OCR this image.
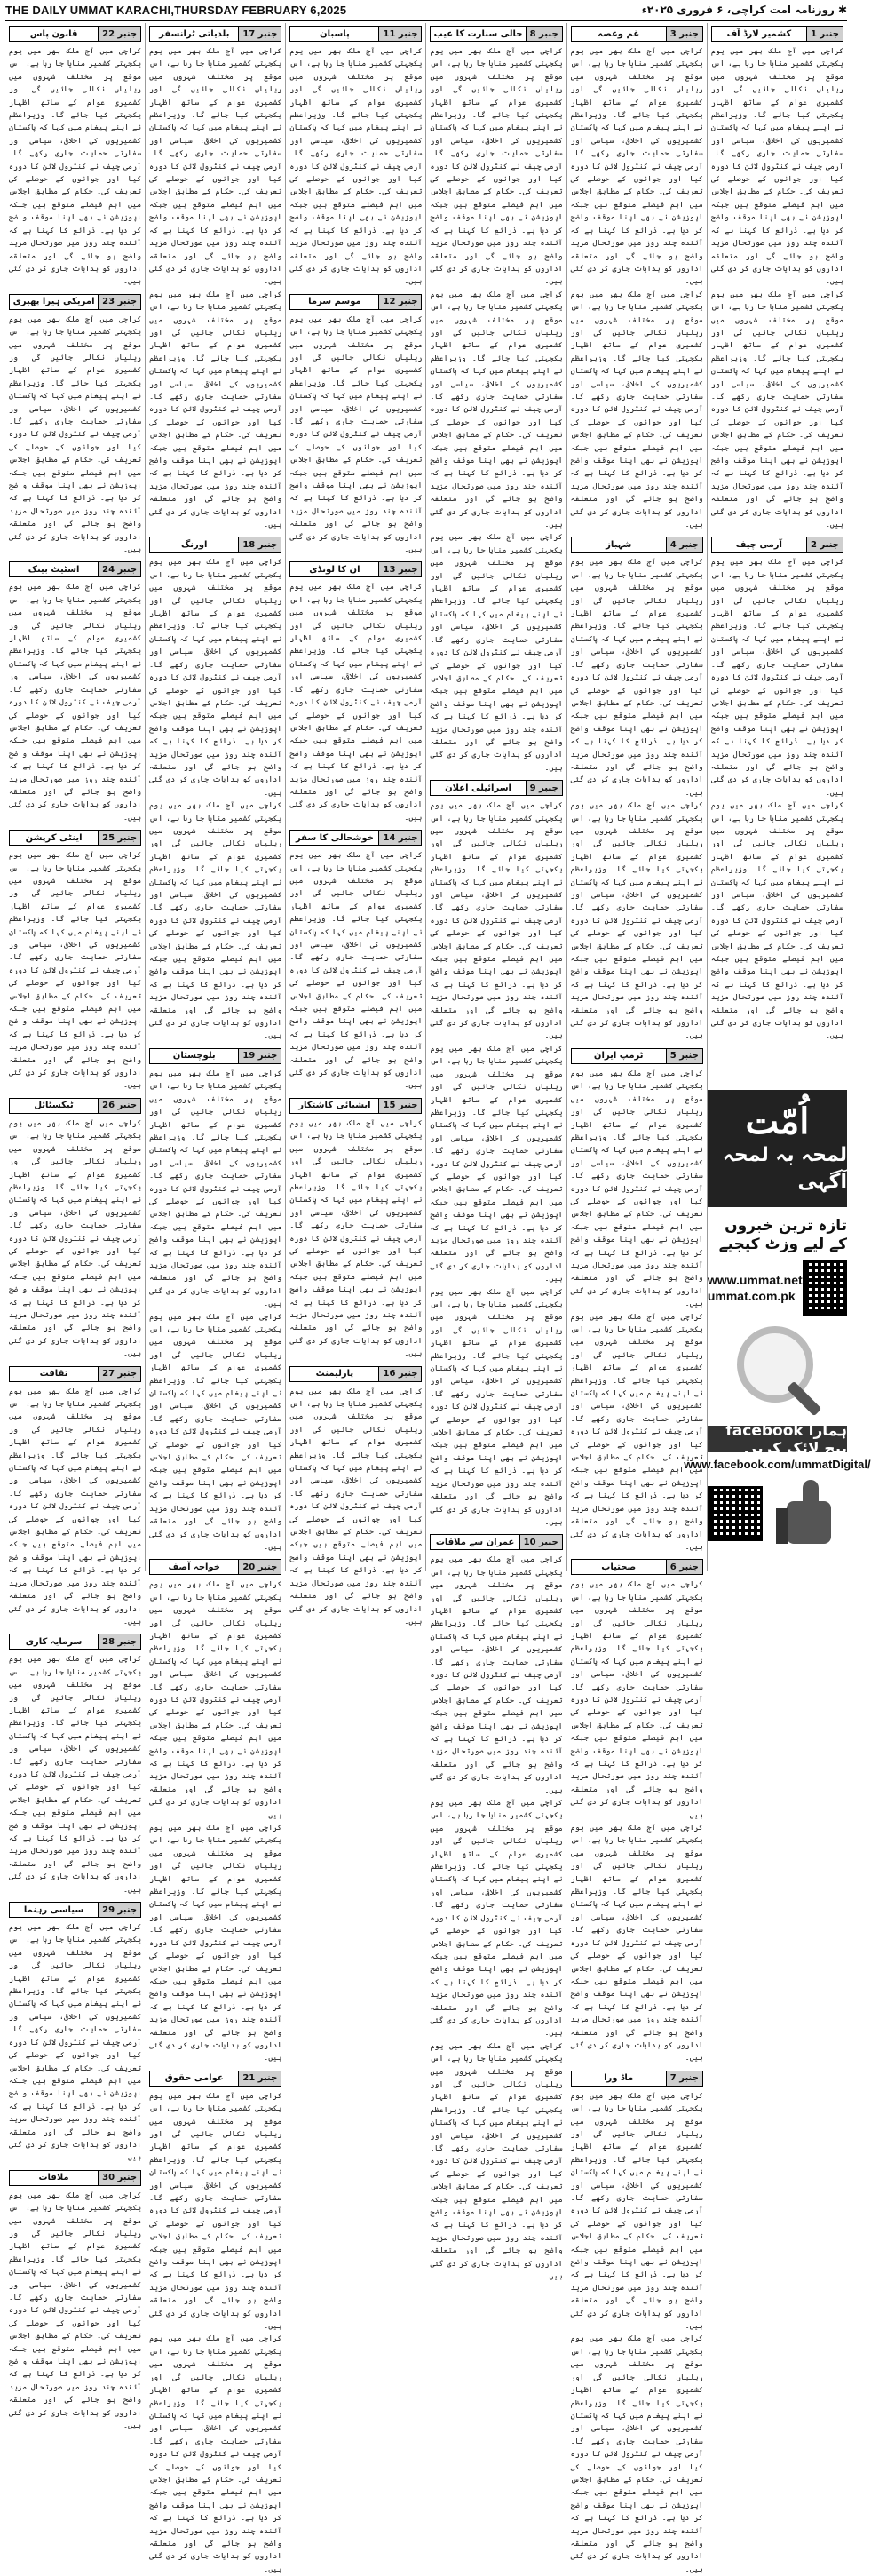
THE DAILY UMMAT KARACHI,THURSDAY FEBRUARY 6,2025	✱
روزنامہ امت کراچی، ۶ فروری ۲۰۲۵ء
جنبر 1
کشمیر لارڈ آف
کراچی میں آج ملک بھر میں یوم یکجہتی کشمیر منایا جا رہا ہے، اس موقع پر مختلف شہروں میں ریلیاں نکالی جائیں گی اور کشمیری عوام کے ساتھ اظہار یکجہتی کیا جائے گا۔ وزیراعظم نے اپنے پیغام میں کہا کہ پاکستان کشمیریوں کی اخلاقی، سیاسی اور سفارتی حمایت جاری رکھے گا۔ آرمی چیف نے کنٹرول لائن کا دورہ کیا اور جوانوں کے حوصلے کی تعریف کی۔ حکام کے مطابق اجلاس میں اہم فیصلے متوقع ہیں جبکہ اپوزیشن نے بھی اپنا موقف واضح کر دیا ہے۔ ذرائع کا کہنا ہے کہ آئندہ چند روز میں صورتحال مزید واضح ہو جائے گی اور متعلقہ اداروں کو ہدایات جاری کر دی گئی ہیں۔
کراچی میں آج ملک بھر میں یوم یکجہتی کشمیر منایا جا رہا ہے، اس موقع پر مختلف شہروں میں ریلیاں نکالی جائیں گی اور کشمیری عوام کے ساتھ اظہار یکجہتی کیا جائے گا۔ وزیراعظم نے اپنے پیغام میں کہا کہ پاکستان کشمیریوں کی اخلاقی، سیاسی اور سفارتی حمایت جاری رکھے گا۔ آرمی چیف نے کنٹرول لائن کا دورہ کیا اور جوانوں کے حوصلے کی تعریف کی۔ حکام کے مطابق اجلاس میں اہم فیصلے متوقع ہیں جبکہ اپوزیشن نے بھی اپنا موقف واضح کر دیا ہے۔ ذرائع کا کہنا ہے کہ آئندہ چند روز میں صورتحال مزید واضح ہو جائے گی اور متعلقہ اداروں کو ہدایات جاری کر دی گئی ہیں۔
جنبر 2
آرمی چیف
کراچی میں آج ملک بھر میں یوم یکجہتی کشمیر منایا جا رہا ہے، اس موقع پر مختلف شہروں میں ریلیاں نکالی جائیں گی اور کشمیری عوام کے ساتھ اظہار یکجہتی کیا جائے گا۔ وزیراعظم نے اپنے پیغام میں کہا کہ پاکستان کشمیریوں کی اخلاقی، سیاسی اور سفارتی حمایت جاری رکھے گا۔ آرمی چیف نے کنٹرول لائن کا دورہ کیا اور جوانوں کے حوصلے کی تعریف کی۔ حکام کے مطابق اجلاس میں اہم فیصلے متوقع ہیں جبکہ اپوزیشن نے بھی اپنا موقف واضح کر دیا ہے۔ ذرائع کا کہنا ہے کہ آئندہ چند روز میں صورتحال مزید واضح ہو جائے گی اور متعلقہ اداروں کو ہدایات جاری کر دی گئی ہیں۔
کراچی میں آج ملک بھر میں یوم یکجہتی کشمیر منایا جا رہا ہے، اس موقع پر مختلف شہروں میں ریلیاں نکالی جائیں گی اور کشمیری عوام کے ساتھ اظہار یکجہتی کیا جائے گا۔ وزیراعظم نے اپنے پیغام میں کہا کہ پاکستان کشمیریوں کی اخلاقی، سیاسی اور سفارتی حمایت جاری رکھے گا۔ آرمی چیف نے کنٹرول لائن کا دورہ کیا اور جوانوں کے حوصلے کی تعریف کی۔ حکام کے مطابق اجلاس میں اہم فیصلے متوقع ہیں جبکہ اپوزیشن نے بھی اپنا موقف واضح کر دیا ہے۔ ذرائع کا کہنا ہے کہ آئندہ چند روز میں صورتحال مزید واضح ہو جائے گی اور متعلقہ اداروں کو ہدایات جاری کر دی گئی ہیں۔
اُمّت
لمحہ بہ لمحہ آگہی
تازہ ترین خبروں کے لیے وزٹ کیجیے
www.ummat.net
ummat.com.pk
ہمارا facebook پیج لائک کریں
www.facebook.com/ummatDigital/
جنبر 3
غم وغصہ
کراچی میں آج ملک بھر میں یوم یکجہتی کشمیر منایا جا رہا ہے، اس موقع پر مختلف شہروں میں ریلیاں نکالی جائیں گی اور کشمیری عوام کے ساتھ اظہار یکجہتی کیا جائے گا۔ وزیراعظم نے اپنے پیغام میں کہا کہ پاکستان کشمیریوں کی اخلاقی، سیاسی اور سفارتی حمایت جاری رکھے گا۔ آرمی چیف نے کنٹرول لائن کا دورہ کیا اور جوانوں کے حوصلے کی تعریف کی۔ حکام کے مطابق اجلاس میں اہم فیصلے متوقع ہیں جبکہ اپوزیشن نے بھی اپنا موقف واضح کر دیا ہے۔ ذرائع کا کہنا ہے کہ آئندہ چند روز میں صورتحال مزید واضح ہو جائے گی اور متعلقہ اداروں کو ہدایات جاری کر دی گئی ہیں۔
کراچی میں آج ملک بھر میں یوم یکجہتی کشمیر منایا جا رہا ہے، اس موقع پر مختلف شہروں میں ریلیاں نکالی جائیں گی اور کشمیری عوام کے ساتھ اظہار یکجہتی کیا جائے گا۔ وزیراعظم نے اپنے پیغام میں کہا کہ پاکستان کشمیریوں کی اخلاقی، سیاسی اور سفارتی حمایت جاری رکھے گا۔ آرمی چیف نے کنٹرول لائن کا دورہ کیا اور جوانوں کے حوصلے کی تعریف کی۔ حکام کے مطابق اجلاس میں اہم فیصلے متوقع ہیں جبکہ اپوزیشن نے بھی اپنا موقف واضح کر دیا ہے۔ ذرائع کا کہنا ہے کہ آئندہ چند روز میں صورتحال مزید واضح ہو جائے گی اور متعلقہ اداروں کو ہدایات جاری کر دی گئی ہیں۔
جنبر 4
شہباز
کراچی میں آج ملک بھر میں یوم یکجہتی کشمیر منایا جا رہا ہے، اس موقع پر مختلف شہروں میں ریلیاں نکالی جائیں گی اور کشمیری عوام کے ساتھ اظہار یکجہتی کیا جائے گا۔ وزیراعظم نے اپنے پیغام میں کہا کہ پاکستان کشمیریوں کی اخلاقی، سیاسی اور سفارتی حمایت جاری رکھے گا۔ آرمی چیف نے کنٹرول لائن کا دورہ کیا اور جوانوں کے حوصلے کی تعریف کی۔ حکام کے مطابق اجلاس میں اہم فیصلے متوقع ہیں جبکہ اپوزیشن نے بھی اپنا موقف واضح کر دیا ہے۔ ذرائع کا کہنا ہے کہ آئندہ چند روز میں صورتحال مزید واضح ہو جائے گی اور متعلقہ اداروں کو ہدایات جاری کر دی گئی ہیں۔
کراچی میں آج ملک بھر میں یوم یکجہتی کشمیر منایا جا رہا ہے، اس موقع پر مختلف شہروں میں ریلیاں نکالی جائیں گی اور کشمیری عوام کے ساتھ اظہار یکجہتی کیا جائے گا۔ وزیراعظم نے اپنے پیغام میں کہا کہ پاکستان کشمیریوں کی اخلاقی، سیاسی اور سفارتی حمایت جاری رکھے گا۔ آرمی چیف نے کنٹرول لائن کا دورہ کیا اور جوانوں کے حوصلے کی تعریف کی۔ حکام کے مطابق اجلاس میں اہم فیصلے متوقع ہیں جبکہ اپوزیشن نے بھی اپنا موقف واضح کر دیا ہے۔ ذرائع کا کہنا ہے کہ آئندہ چند روز میں صورتحال مزید واضح ہو جائے گی اور متعلقہ اداروں کو ہدایات جاری کر دی گئی ہیں۔
جنبر 5
ٹرمپ ایران
کراچی میں آج ملک بھر میں یوم یکجہتی کشمیر منایا جا رہا ہے، اس موقع پر مختلف شہروں میں ریلیاں نکالی جائیں گی اور کشمیری عوام کے ساتھ اظہار یکجہتی کیا جائے گا۔ وزیراعظم نے اپنے پیغام میں کہا کہ پاکستان کشمیریوں کی اخلاقی، سیاسی اور سفارتی حمایت جاری رکھے گا۔ آرمی چیف نے کنٹرول لائن کا دورہ کیا اور جوانوں کے حوصلے کی تعریف کی۔ حکام کے مطابق اجلاس میں اہم فیصلے متوقع ہیں جبکہ اپوزیشن نے بھی اپنا موقف واضح کر دیا ہے۔ ذرائع کا کہنا ہے کہ آئندہ چند روز میں صورتحال مزید واضح ہو جائے گی اور متعلقہ اداروں کو ہدایات جاری کر دی گئی ہیں۔
کراچی میں آج ملک بھر میں یوم یکجہتی کشمیر منایا جا رہا ہے، اس موقع پر مختلف شہروں میں ریلیاں نکالی جائیں گی اور کشمیری عوام کے ساتھ اظہار یکجہتی کیا جائے گا۔ وزیراعظم نے اپنے پیغام میں کہا کہ پاکستان کشمیریوں کی اخلاقی، سیاسی اور سفارتی حمایت جاری رکھے گا۔ آرمی چیف نے کنٹرول لائن کا دورہ کیا اور جوانوں کے حوصلے کی تعریف کی۔ حکام کے مطابق اجلاس میں اہم فیصلے متوقع ہیں جبکہ اپوزیشن نے بھی اپنا موقف واضح کر دیا ہے۔ ذرائع کا کہنا ہے کہ آئندہ چند روز میں صورتحال مزید واضح ہو جائے گی اور متعلقہ اداروں کو ہدایات جاری کر دی گئی ہیں۔
جنبر 6
صحتیاب
کراچی میں آج ملک بھر میں یوم یکجہتی کشمیر منایا جا رہا ہے، اس موقع پر مختلف شہروں میں ریلیاں نکالی جائیں گی اور کشمیری عوام کے ساتھ اظہار یکجہتی کیا جائے گا۔ وزیراعظم نے اپنے پیغام میں کہا کہ پاکستان کشمیریوں کی اخلاقی، سیاسی اور سفارتی حمایت جاری رکھے گا۔ آرمی چیف نے کنٹرول لائن کا دورہ کیا اور جوانوں کے حوصلے کی تعریف کی۔ حکام کے مطابق اجلاس میں اہم فیصلے متوقع ہیں جبکہ اپوزیشن نے بھی اپنا موقف واضح کر دیا ہے۔ ذرائع کا کہنا ہے کہ آئندہ چند روز میں صورتحال مزید واضح ہو جائے گی اور متعلقہ اداروں کو ہدایات جاری کر دی گئی ہیں۔
کراچی میں آج ملک بھر میں یوم یکجہتی کشمیر منایا جا رہا ہے، اس موقع پر مختلف شہروں میں ریلیاں نکالی جائیں گی اور کشمیری عوام کے ساتھ اظہار یکجہتی کیا جائے گا۔ وزیراعظم نے اپنے پیغام میں کہا کہ پاکستان کشمیریوں کی اخلاقی، سیاسی اور سفارتی حمایت جاری رکھے گا۔ آرمی چیف نے کنٹرول لائن کا دورہ کیا اور جوانوں کے حوصلے کی تعریف کی۔ حکام کے مطابق اجلاس میں اہم فیصلے متوقع ہیں جبکہ اپوزیشن نے بھی اپنا موقف واضح کر دیا ہے۔ ذرائع کا کہنا ہے کہ آئندہ چند روز میں صورتحال مزید واضح ہو جائے گی اور متعلقہ اداروں کو ہدایات جاری کر دی گئی ہیں۔
جنبر 7
ماڈ ورا
کراچی میں آج ملک بھر میں یوم یکجہتی کشمیر منایا جا رہا ہے، اس موقع پر مختلف شہروں میں ریلیاں نکالی جائیں گی اور کشمیری عوام کے ساتھ اظہار یکجہتی کیا جائے گا۔ وزیراعظم نے اپنے پیغام میں کہا کہ پاکستان کشمیریوں کی اخلاقی، سیاسی اور سفارتی حمایت جاری رکھے گا۔ آرمی چیف نے کنٹرول لائن کا دورہ کیا اور جوانوں کے حوصلے کی تعریف کی۔ حکام کے مطابق اجلاس میں اہم فیصلے متوقع ہیں جبکہ اپوزیشن نے بھی اپنا موقف واضح کر دیا ہے۔ ذرائع کا کہنا ہے کہ آئندہ چند روز میں صورتحال مزید واضح ہو جائے گی اور متعلقہ اداروں کو ہدایات جاری کر دی گئی ہیں۔
کراچی میں آج ملک بھر میں یوم یکجہتی کشمیر منایا جا رہا ہے، اس موقع پر مختلف شہروں میں ریلیاں نکالی جائیں گی اور کشمیری عوام کے ساتھ اظہار یکجہتی کیا جائے گا۔ وزیراعظم نے اپنے پیغام میں کہا کہ پاکستان کشمیریوں کی اخلاقی، سیاسی اور سفارتی حمایت جاری رکھے گا۔ آرمی چیف نے کنٹرول لائن کا دورہ کیا اور جوانوں کے حوصلے کی تعریف کی۔ حکام کے مطابق اجلاس میں اہم فیصلے متوقع ہیں جبکہ اپوزیشن نے بھی اپنا موقف واضح کر دیا ہے۔ ذرائع کا کہنا ہے کہ آئندہ چند روز میں صورتحال مزید واضح ہو جائے گی اور متعلقہ اداروں کو ہدایات جاری کر دی گئی ہیں۔
جنبر 8
جالی سنارت کا عیب
کراچی میں آج ملک بھر میں یوم یکجہتی کشمیر منایا جا رہا ہے، اس موقع پر مختلف شہروں میں ریلیاں نکالی جائیں گی اور کشمیری عوام کے ساتھ اظہار یکجہتی کیا جائے گا۔ وزیراعظم نے اپنے پیغام میں کہا کہ پاکستان کشمیریوں کی اخلاقی، سیاسی اور سفارتی حمایت جاری رکھے گا۔ آرمی چیف نے کنٹرول لائن کا دورہ کیا اور جوانوں کے حوصلے کی تعریف کی۔ حکام کے مطابق اجلاس میں اہم فیصلے متوقع ہیں جبکہ اپوزیشن نے بھی اپنا موقف واضح کر دیا ہے۔ ذرائع کا کہنا ہے کہ آئندہ چند روز میں صورتحال مزید واضح ہو جائے گی اور متعلقہ اداروں کو ہدایات جاری کر دی گئی ہیں۔
کراچی میں آج ملک بھر میں یوم یکجہتی کشمیر منایا جا رہا ہے، اس موقع پر مختلف شہروں میں ریلیاں نکالی جائیں گی اور کشمیری عوام کے ساتھ اظہار یکجہتی کیا جائے گا۔ وزیراعظم نے اپنے پیغام میں کہا کہ پاکستان کشمیریوں کی اخلاقی، سیاسی اور سفارتی حمایت جاری رکھے گا۔ آرمی چیف نے کنٹرول لائن کا دورہ کیا اور جوانوں کے حوصلے کی تعریف کی۔ حکام کے مطابق اجلاس میں اہم فیصلے متوقع ہیں جبکہ اپوزیشن نے بھی اپنا موقف واضح کر دیا ہے۔ ذرائع کا کہنا ہے کہ آئندہ چند روز میں صورتحال مزید واضح ہو جائے گی اور متعلقہ اداروں کو ہدایات جاری کر دی گئی ہیں۔
کراچی میں آج ملک بھر میں یوم یکجہتی کشمیر منایا جا رہا ہے، اس موقع پر مختلف شہروں میں ریلیاں نکالی جائیں گی اور کشمیری عوام کے ساتھ اظہار یکجہتی کیا جائے گا۔ وزیراعظم نے اپنے پیغام میں کہا کہ پاکستان کشمیریوں کی اخلاقی، سیاسی اور سفارتی حمایت جاری رکھے گا۔ آرمی چیف نے کنٹرول لائن کا دورہ کیا اور جوانوں کے حوصلے کی تعریف کی۔ حکام کے مطابق اجلاس میں اہم فیصلے متوقع ہیں جبکہ اپوزیشن نے بھی اپنا موقف واضح کر دیا ہے۔ ذرائع کا کہنا ہے کہ آئندہ چند روز میں صورتحال مزید واضح ہو جائے گی اور متعلقہ اداروں کو ہدایات جاری کر دی گئی ہیں۔
جنبر 9
اسرائیلی اعلان
کراچی میں آج ملک بھر میں یوم یکجہتی کشمیر منایا جا رہا ہے، اس موقع پر مختلف شہروں میں ریلیاں نکالی جائیں گی اور کشمیری عوام کے ساتھ اظہار یکجہتی کیا جائے گا۔ وزیراعظم نے اپنے پیغام میں کہا کہ پاکستان کشمیریوں کی اخلاقی، سیاسی اور سفارتی حمایت جاری رکھے گا۔ آرمی چیف نے کنٹرول لائن کا دورہ کیا اور جوانوں کے حوصلے کی تعریف کی۔ حکام کے مطابق اجلاس میں اہم فیصلے متوقع ہیں جبکہ اپوزیشن نے بھی اپنا موقف واضح کر دیا ہے۔ ذرائع کا کہنا ہے کہ آئندہ چند روز میں صورتحال مزید واضح ہو جائے گی اور متعلقہ اداروں کو ہدایات جاری کر دی گئی ہیں۔
کراچی میں آج ملک بھر میں یوم یکجہتی کشمیر منایا جا رہا ہے، اس موقع پر مختلف شہروں میں ریلیاں نکالی جائیں گی اور کشمیری عوام کے ساتھ اظہار یکجہتی کیا جائے گا۔ وزیراعظم نے اپنے پیغام میں کہا کہ پاکستان کشمیریوں کی اخلاقی، سیاسی اور سفارتی حمایت جاری رکھے گا۔ آرمی چیف نے کنٹرول لائن کا دورہ کیا اور جوانوں کے حوصلے کی تعریف کی۔ حکام کے مطابق اجلاس میں اہم فیصلے متوقع ہیں جبکہ اپوزیشن نے بھی اپنا موقف واضح کر دیا ہے۔ ذرائع کا کہنا ہے کہ آئندہ چند روز میں صورتحال مزید واضح ہو جائے گی اور متعلقہ اداروں کو ہدایات جاری کر دی گئی ہیں۔
کراچی میں آج ملک بھر میں یوم یکجہتی کشمیر منایا جا رہا ہے، اس موقع پر مختلف شہروں میں ریلیاں نکالی جائیں گی اور کشمیری عوام کے ساتھ اظہار یکجہتی کیا جائے گا۔ وزیراعظم نے اپنے پیغام میں کہا کہ پاکستان کشمیریوں کی اخلاقی، سیاسی اور سفارتی حمایت جاری رکھے گا۔ آرمی چیف نے کنٹرول لائن کا دورہ کیا اور جوانوں کے حوصلے کی تعریف کی۔ حکام کے مطابق اجلاس میں اہم فیصلے متوقع ہیں جبکہ اپوزیشن نے بھی اپنا موقف واضح کر دیا ہے۔ ذرائع کا کہنا ہے کہ آئندہ چند روز میں صورتحال مزید واضح ہو جائے گی اور متعلقہ اداروں کو ہدایات جاری کر دی گئی ہیں۔
جنبر 10
عمران سے ملاقات
کراچی میں آج ملک بھر میں یوم یکجہتی کشمیر منایا جا رہا ہے، اس موقع پر مختلف شہروں میں ریلیاں نکالی جائیں گی اور کشمیری عوام کے ساتھ اظہار یکجہتی کیا جائے گا۔ وزیراعظم نے اپنے پیغام میں کہا کہ پاکستان کشمیریوں کی اخلاقی، سیاسی اور سفارتی حمایت جاری رکھے گا۔ آرمی چیف نے کنٹرول لائن کا دورہ کیا اور جوانوں کے حوصلے کی تعریف کی۔ حکام کے مطابق اجلاس میں اہم فیصلے متوقع ہیں جبکہ اپوزیشن نے بھی اپنا موقف واضح کر دیا ہے۔ ذرائع کا کہنا ہے کہ آئندہ چند روز میں صورتحال مزید واضح ہو جائے گی اور متعلقہ اداروں کو ہدایات جاری کر دی گئی ہیں۔
کراچی میں آج ملک بھر میں یوم یکجہتی کشمیر منایا جا رہا ہے، اس موقع پر مختلف شہروں میں ریلیاں نکالی جائیں گی اور کشمیری عوام کے ساتھ اظہار یکجہتی کیا جائے گا۔ وزیراعظم نے اپنے پیغام میں کہا کہ پاکستان کشمیریوں کی اخلاقی، سیاسی اور سفارتی حمایت جاری رکھے گا۔ آرمی چیف نے کنٹرول لائن کا دورہ کیا اور جوانوں کے حوصلے کی تعریف کی۔ حکام کے مطابق اجلاس میں اہم فیصلے متوقع ہیں جبکہ اپوزیشن نے بھی اپنا موقف واضح کر دیا ہے۔ ذرائع کا کہنا ہے کہ آئندہ چند روز میں صورتحال مزید واضح ہو جائے گی اور متعلقہ اداروں کو ہدایات جاری کر دی گئی ہیں۔
کراچی میں آج ملک بھر میں یوم یکجہتی کشمیر منایا جا رہا ہے، اس موقع پر مختلف شہروں میں ریلیاں نکالی جائیں گی اور کشمیری عوام کے ساتھ اظہار یکجہتی کیا جائے گا۔ وزیراعظم نے اپنے پیغام میں کہا کہ پاکستان کشمیریوں کی اخلاقی، سیاسی اور سفارتی حمایت جاری رکھے گا۔ آرمی چیف نے کنٹرول لائن کا دورہ کیا اور جوانوں کے حوصلے کی تعریف کی۔ حکام کے مطابق اجلاس میں اہم فیصلے متوقع ہیں جبکہ اپوزیشن نے بھی اپنا موقف واضح کر دیا ہے۔ ذرائع کا کہنا ہے کہ آئندہ چند روز میں صورتحال مزید واضح ہو جائے گی اور متعلقہ اداروں کو ہدایات جاری کر دی گئی ہیں۔
جنبر 11
پاسبان
کراچی میں آج ملک بھر میں یوم یکجہتی کشمیر منایا جا رہا ہے، اس موقع پر مختلف شہروں میں ریلیاں نکالی جائیں گی اور کشمیری عوام کے ساتھ اظہار یکجہتی کیا جائے گا۔ وزیراعظم نے اپنے پیغام میں کہا کہ پاکستان کشمیریوں کی اخلاقی، سیاسی اور سفارتی حمایت جاری رکھے گا۔ آرمی چیف نے کنٹرول لائن کا دورہ کیا اور جوانوں کے حوصلے کی تعریف کی۔ حکام کے مطابق اجلاس میں اہم فیصلے متوقع ہیں جبکہ اپوزیشن نے بھی اپنا موقف واضح کر دیا ہے۔ ذرائع کا کہنا ہے کہ آئندہ چند روز میں صورتحال مزید واضح ہو جائے گی اور متعلقہ اداروں کو ہدایات جاری کر دی گئی ہیں۔
جنبر 12
موسم سرما
کراچی میں آج ملک بھر میں یوم یکجہتی کشمیر منایا جا رہا ہے، اس موقع پر مختلف شہروں میں ریلیاں نکالی جائیں گی اور کشمیری عوام کے ساتھ اظہار یکجہتی کیا جائے گا۔ وزیراعظم نے اپنے پیغام میں کہا کہ پاکستان کشمیریوں کی اخلاقی، سیاسی اور سفارتی حمایت جاری رکھے گا۔ آرمی چیف نے کنٹرول لائن کا دورہ کیا اور جوانوں کے حوصلے کی تعریف کی۔ حکام کے مطابق اجلاس میں اہم فیصلے متوقع ہیں جبکہ اپوزیشن نے بھی اپنا موقف واضح کر دیا ہے۔ ذرائع کا کہنا ہے کہ آئندہ چند روز میں صورتحال مزید واضح ہو جائے گی اور متعلقہ اداروں کو ہدایات جاری کر دی گئی ہیں۔
جنبر 13
ان کا لونڈی
کراچی میں آج ملک بھر میں یوم یکجہتی کشمیر منایا جا رہا ہے، اس موقع پر مختلف شہروں میں ریلیاں نکالی جائیں گی اور کشمیری عوام کے ساتھ اظہار یکجہتی کیا جائے گا۔ وزیراعظم نے اپنے پیغام میں کہا کہ پاکستان کشمیریوں کی اخلاقی، سیاسی اور سفارتی حمایت جاری رکھے گا۔ آرمی چیف نے کنٹرول لائن کا دورہ کیا اور جوانوں کے حوصلے کی تعریف کی۔ حکام کے مطابق اجلاس میں اہم فیصلے متوقع ہیں جبکہ اپوزیشن نے بھی اپنا موقف واضح کر دیا ہے۔ ذرائع کا کہنا ہے کہ آئندہ چند روز میں صورتحال مزید واضح ہو جائے گی اور متعلقہ اداروں کو ہدایات جاری کر دی گئی ہیں۔
جنبر 14
خوشحالی کا سفر
کراچی میں آج ملک بھر میں یوم یکجہتی کشمیر منایا جا رہا ہے، اس موقع پر مختلف شہروں میں ریلیاں نکالی جائیں گی اور کشمیری عوام کے ساتھ اظہار یکجہتی کیا جائے گا۔ وزیراعظم نے اپنے پیغام میں کہا کہ پاکستان کشمیریوں کی اخلاقی، سیاسی اور سفارتی حمایت جاری رکھے گا۔ آرمی چیف نے کنٹرول لائن کا دورہ کیا اور جوانوں کے حوصلے کی تعریف کی۔ حکام کے مطابق اجلاس میں اہم فیصلے متوقع ہیں جبکہ اپوزیشن نے بھی اپنا موقف واضح کر دیا ہے۔ ذرائع کا کہنا ہے کہ آئندہ چند روز میں صورتحال مزید واضح ہو جائے گی اور متعلقہ اداروں کو ہدایات جاری کر دی گئی ہیں۔
جنبر 15
ایشیائی کاشتکار
کراچی میں آج ملک بھر میں یوم یکجہتی کشمیر منایا جا رہا ہے، اس موقع پر مختلف شہروں میں ریلیاں نکالی جائیں گی اور کشمیری عوام کے ساتھ اظہار یکجہتی کیا جائے گا۔ وزیراعظم نے اپنے پیغام میں کہا کہ پاکستان کشمیریوں کی اخلاقی، سیاسی اور سفارتی حمایت جاری رکھے گا۔ آرمی چیف نے کنٹرول لائن کا دورہ کیا اور جوانوں کے حوصلے کی تعریف کی۔ حکام کے مطابق اجلاس میں اہم فیصلے متوقع ہیں جبکہ اپوزیشن نے بھی اپنا موقف واضح کر دیا ہے۔ ذرائع کا کہنا ہے کہ آئندہ چند روز میں صورتحال مزید واضح ہو جائے گی اور متعلقہ اداروں کو ہدایات جاری کر دی گئی ہیں۔
جنبر 16
پارلیمنٹ
کراچی میں آج ملک بھر میں یوم یکجہتی کشمیر منایا جا رہا ہے، اس موقع پر مختلف شہروں میں ریلیاں نکالی جائیں گی اور کشمیری عوام کے ساتھ اظہار یکجہتی کیا جائے گا۔ وزیراعظم نے اپنے پیغام میں کہا کہ پاکستان کشمیریوں کی اخلاقی، سیاسی اور سفارتی حمایت جاری رکھے گا۔ آرمی چیف نے کنٹرول لائن کا دورہ کیا اور جوانوں کے حوصلے کی تعریف کی۔ حکام کے مطابق اجلاس میں اہم فیصلے متوقع ہیں جبکہ اپوزیشن نے بھی اپنا موقف واضح کر دیا ہے۔ ذرائع کا کہنا ہے کہ آئندہ چند روز میں صورتحال مزید واضح ہو جائے گی اور متعلقہ اداروں کو ہدایات جاری کر دی گئی ہیں۔
جنبر 17
بلدیاتی ٹرانسفر
کراچی میں آج ملک بھر میں یوم یکجہتی کشمیر منایا جا رہا ہے، اس موقع پر مختلف شہروں میں ریلیاں نکالی جائیں گی اور کشمیری عوام کے ساتھ اظہار یکجہتی کیا جائے گا۔ وزیراعظم نے اپنے پیغام میں کہا کہ پاکستان کشمیریوں کی اخلاقی، سیاسی اور سفارتی حمایت جاری رکھے گا۔ آرمی چیف نے کنٹرول لائن کا دورہ کیا اور جوانوں کے حوصلے کی تعریف کی۔ حکام کے مطابق اجلاس میں اہم فیصلے متوقع ہیں جبکہ اپوزیشن نے بھی اپنا موقف واضح کر دیا ہے۔ ذرائع کا کہنا ہے کہ آئندہ چند روز میں صورتحال مزید واضح ہو جائے گی اور متعلقہ اداروں کو ہدایات جاری کر دی گئی ہیں۔
کراچی میں آج ملک بھر میں یوم یکجہتی کشمیر منایا جا رہا ہے، اس موقع پر مختلف شہروں میں ریلیاں نکالی جائیں گی اور کشمیری عوام کے ساتھ اظہار یکجہتی کیا جائے گا۔ وزیراعظم نے اپنے پیغام میں کہا کہ پاکستان کشمیریوں کی اخلاقی، سیاسی اور سفارتی حمایت جاری رکھے گا۔ آرمی چیف نے کنٹرول لائن کا دورہ کیا اور جوانوں کے حوصلے کی تعریف کی۔ حکام کے مطابق اجلاس میں اہم فیصلے متوقع ہیں جبکہ اپوزیشن نے بھی اپنا موقف واضح کر دیا ہے۔ ذرائع کا کہنا ہے کہ آئندہ چند روز میں صورتحال مزید واضح ہو جائے گی اور متعلقہ اداروں کو ہدایات جاری کر دی گئی ہیں۔
جنبر 18
اورنگ
کراچی میں آج ملک بھر میں یوم یکجہتی کشمیر منایا جا رہا ہے، اس موقع پر مختلف شہروں میں ریلیاں نکالی جائیں گی اور کشمیری عوام کے ساتھ اظہار یکجہتی کیا جائے گا۔ وزیراعظم نے اپنے پیغام میں کہا کہ پاکستان کشمیریوں کی اخلاقی، سیاسی اور سفارتی حمایت جاری رکھے گا۔ آرمی چیف نے کنٹرول لائن کا دورہ کیا اور جوانوں کے حوصلے کی تعریف کی۔ حکام کے مطابق اجلاس میں اہم فیصلے متوقع ہیں جبکہ اپوزیشن نے بھی اپنا موقف واضح کر دیا ہے۔ ذرائع کا کہنا ہے کہ آئندہ چند روز میں صورتحال مزید واضح ہو جائے گی اور متعلقہ اداروں کو ہدایات جاری کر دی گئی ہیں۔
کراچی میں آج ملک بھر میں یوم یکجہتی کشمیر منایا جا رہا ہے، اس موقع پر مختلف شہروں میں ریلیاں نکالی جائیں گی اور کشمیری عوام کے ساتھ اظہار یکجہتی کیا جائے گا۔ وزیراعظم نے اپنے پیغام میں کہا کہ پاکستان کشمیریوں کی اخلاقی، سیاسی اور سفارتی حمایت جاری رکھے گا۔ آرمی چیف نے کنٹرول لائن کا دورہ کیا اور جوانوں کے حوصلے کی تعریف کی۔ حکام کے مطابق اجلاس میں اہم فیصلے متوقع ہیں جبکہ اپوزیشن نے بھی اپنا موقف واضح کر دیا ہے۔ ذرائع کا کہنا ہے کہ آئندہ چند روز میں صورتحال مزید واضح ہو جائے گی اور متعلقہ اداروں کو ہدایات جاری کر دی گئی ہیں۔
جنبر 19
بلوچستان
کراچی میں آج ملک بھر میں یوم یکجہتی کشمیر منایا جا رہا ہے، اس موقع پر مختلف شہروں میں ریلیاں نکالی جائیں گی اور کشمیری عوام کے ساتھ اظہار یکجہتی کیا جائے گا۔ وزیراعظم نے اپنے پیغام میں کہا کہ پاکستان کشمیریوں کی اخلاقی، سیاسی اور سفارتی حمایت جاری رکھے گا۔ آرمی چیف نے کنٹرول لائن کا دورہ کیا اور جوانوں کے حوصلے کی تعریف کی۔ حکام کے مطابق اجلاس میں اہم فیصلے متوقع ہیں جبکہ اپوزیشن نے بھی اپنا موقف واضح کر دیا ہے۔ ذرائع کا کہنا ہے کہ آئندہ چند روز میں صورتحال مزید واضح ہو جائے گی اور متعلقہ اداروں کو ہدایات جاری کر دی گئی ہیں۔
کراچی میں آج ملک بھر میں یوم یکجہتی کشمیر منایا جا رہا ہے، اس موقع پر مختلف شہروں میں ریلیاں نکالی جائیں گی اور کشمیری عوام کے ساتھ اظہار یکجہتی کیا جائے گا۔ وزیراعظم نے اپنے پیغام میں کہا کہ پاکستان کشمیریوں کی اخلاقی، سیاسی اور سفارتی حمایت جاری رکھے گا۔ آرمی چیف نے کنٹرول لائن کا دورہ کیا اور جوانوں کے حوصلے کی تعریف کی۔ حکام کے مطابق اجلاس میں اہم فیصلے متوقع ہیں جبکہ اپوزیشن نے بھی اپنا موقف واضح کر دیا ہے۔ ذرائع کا کہنا ہے کہ آئندہ چند روز میں صورتحال مزید واضح ہو جائے گی اور متعلقہ اداروں کو ہدایات جاری کر دی گئی ہیں۔
جنبر 20
خواجہ آصف
کراچی میں آج ملک بھر میں یوم یکجہتی کشمیر منایا جا رہا ہے، اس موقع پر مختلف شہروں میں ریلیاں نکالی جائیں گی اور کشمیری عوام کے ساتھ اظہار یکجہتی کیا جائے گا۔ وزیراعظم نے اپنے پیغام میں کہا کہ پاکستان کشمیریوں کی اخلاقی، سیاسی اور سفارتی حمایت جاری رکھے گا۔ آرمی چیف نے کنٹرول لائن کا دورہ کیا اور جوانوں کے حوصلے کی تعریف کی۔ حکام کے مطابق اجلاس میں اہم فیصلے متوقع ہیں جبکہ اپوزیشن نے بھی اپنا موقف واضح کر دیا ہے۔ ذرائع کا کہنا ہے کہ آئندہ چند روز میں صورتحال مزید واضح ہو جائے گی اور متعلقہ اداروں کو ہدایات جاری کر دی گئی ہیں۔
کراچی میں آج ملک بھر میں یوم یکجہتی کشمیر منایا جا رہا ہے، اس موقع پر مختلف شہروں میں ریلیاں نکالی جائیں گی اور کشمیری عوام کے ساتھ اظہار یکجہتی کیا جائے گا۔ وزیراعظم نے اپنے پیغام میں کہا کہ پاکستان کشمیریوں کی اخلاقی، سیاسی اور سفارتی حمایت جاری رکھے گا۔ آرمی چیف نے کنٹرول لائن کا دورہ کیا اور جوانوں کے حوصلے کی تعریف کی۔ حکام کے مطابق اجلاس میں اہم فیصلے متوقع ہیں جبکہ اپوزیشن نے بھی اپنا موقف واضح کر دیا ہے۔ ذرائع کا کہنا ہے کہ آئندہ چند روز میں صورتحال مزید واضح ہو جائے گی اور متعلقہ اداروں کو ہدایات جاری کر دی گئی ہیں۔
جنبر 21
عوامی حقوق
کراچی میں آج ملک بھر میں یوم یکجہتی کشمیر منایا جا رہا ہے، اس موقع پر مختلف شہروں میں ریلیاں نکالی جائیں گی اور کشمیری عوام کے ساتھ اظہار یکجہتی کیا جائے گا۔ وزیراعظم نے اپنے پیغام میں کہا کہ پاکستان کشمیریوں کی اخلاقی، سیاسی اور سفارتی حمایت جاری رکھے گا۔ آرمی چیف نے کنٹرول لائن کا دورہ کیا اور جوانوں کے حوصلے کی تعریف کی۔ حکام کے مطابق اجلاس میں اہم فیصلے متوقع ہیں جبکہ اپوزیشن نے بھی اپنا موقف واضح کر دیا ہے۔ ذرائع کا کہنا ہے کہ آئندہ چند روز میں صورتحال مزید واضح ہو جائے گی اور متعلقہ اداروں کو ہدایات جاری کر دی گئی ہیں۔
کراچی میں آج ملک بھر میں یوم یکجہتی کشمیر منایا جا رہا ہے، اس موقع پر مختلف شہروں میں ریلیاں نکالی جائیں گی اور کشمیری عوام کے ساتھ اظہار یکجہتی کیا جائے گا۔ وزیراعظم نے اپنے پیغام میں کہا کہ پاکستان کشمیریوں کی اخلاقی، سیاسی اور سفارتی حمایت جاری رکھے گا۔ آرمی چیف نے کنٹرول لائن کا دورہ کیا اور جوانوں کے حوصلے کی تعریف کی۔ حکام کے مطابق اجلاس میں اہم فیصلے متوقع ہیں جبکہ اپوزیشن نے بھی اپنا موقف واضح کر دیا ہے۔ ذرائع کا کہنا ہے کہ آئندہ چند روز میں صورتحال مزید واضح ہو جائے گی اور متعلقہ اداروں کو ہدایات جاری کر دی گئی ہیں۔
جنبر 22
قانون پاس
کراچی میں آج ملک بھر میں یوم یکجہتی کشمیر منایا جا رہا ہے، اس موقع پر مختلف شہروں میں ریلیاں نکالی جائیں گی اور کشمیری عوام کے ساتھ اظہار یکجہتی کیا جائے گا۔ وزیراعظم نے اپنے پیغام میں کہا کہ پاکستان کشمیریوں کی اخلاقی، سیاسی اور سفارتی حمایت جاری رکھے گا۔ آرمی چیف نے کنٹرول لائن کا دورہ کیا اور جوانوں کے حوصلے کی تعریف کی۔ حکام کے مطابق اجلاس میں اہم فیصلے متوقع ہیں جبکہ اپوزیشن نے بھی اپنا موقف واضح کر دیا ہے۔ ذرائع کا کہنا ہے کہ آئندہ چند روز میں صورتحال مزید واضح ہو جائے گی اور متعلقہ اداروں کو ہدایات جاری کر دی گئی ہیں۔
جنبر 23
امریکی ہیرا پھیری
کراچی میں آج ملک بھر میں یوم یکجہتی کشمیر منایا جا رہا ہے، اس موقع پر مختلف شہروں میں ریلیاں نکالی جائیں گی اور کشمیری عوام کے ساتھ اظہار یکجہتی کیا جائے گا۔ وزیراعظم نے اپنے پیغام میں کہا کہ پاکستان کشمیریوں کی اخلاقی، سیاسی اور سفارتی حمایت جاری رکھے گا۔ آرمی چیف نے کنٹرول لائن کا دورہ کیا اور جوانوں کے حوصلے کی تعریف کی۔ حکام کے مطابق اجلاس میں اہم فیصلے متوقع ہیں جبکہ اپوزیشن نے بھی اپنا موقف واضح کر دیا ہے۔ ذرائع کا کہنا ہے کہ آئندہ چند روز میں صورتحال مزید واضح ہو جائے گی اور متعلقہ اداروں کو ہدایات جاری کر دی گئی ہیں۔
جنبر 24
اسٹیٹ بینک
کراچی میں آج ملک بھر میں یوم یکجہتی کشمیر منایا جا رہا ہے، اس موقع پر مختلف شہروں میں ریلیاں نکالی جائیں گی اور کشمیری عوام کے ساتھ اظہار یکجہتی کیا جائے گا۔ وزیراعظم نے اپنے پیغام میں کہا کہ پاکستان کشمیریوں کی اخلاقی، سیاسی اور سفارتی حمایت جاری رکھے گا۔ آرمی چیف نے کنٹرول لائن کا دورہ کیا اور جوانوں کے حوصلے کی تعریف کی۔ حکام کے مطابق اجلاس میں اہم فیصلے متوقع ہیں جبکہ اپوزیشن نے بھی اپنا موقف واضح کر دیا ہے۔ ذرائع کا کہنا ہے کہ آئندہ چند روز میں صورتحال مزید واضح ہو جائے گی اور متعلقہ اداروں کو ہدایات جاری کر دی گئی ہیں۔
جنبر 25
اینٹی کرپشن
کراچی میں آج ملک بھر میں یوم یکجہتی کشمیر منایا جا رہا ہے، اس موقع پر مختلف شہروں میں ریلیاں نکالی جائیں گی اور کشمیری عوام کے ساتھ اظہار یکجہتی کیا جائے گا۔ وزیراعظم نے اپنے پیغام میں کہا کہ پاکستان کشمیریوں کی اخلاقی، سیاسی اور سفارتی حمایت جاری رکھے گا۔ آرمی چیف نے کنٹرول لائن کا دورہ کیا اور جوانوں کے حوصلے کی تعریف کی۔ حکام کے مطابق اجلاس میں اہم فیصلے متوقع ہیں جبکہ اپوزیشن نے بھی اپنا موقف واضح کر دیا ہے۔ ذرائع کا کہنا ہے کہ آئندہ چند روز میں صورتحال مزید واضح ہو جائے گی اور متعلقہ اداروں کو ہدایات جاری کر دی گئی ہیں۔
جنبر 26
ٹیکسٹائل
کراچی میں آج ملک بھر میں یوم یکجہتی کشمیر منایا جا رہا ہے، اس موقع پر مختلف شہروں میں ریلیاں نکالی جائیں گی اور کشمیری عوام کے ساتھ اظہار یکجہتی کیا جائے گا۔ وزیراعظم نے اپنے پیغام میں کہا کہ پاکستان کشمیریوں کی اخلاقی، سیاسی اور سفارتی حمایت جاری رکھے گا۔ آرمی چیف نے کنٹرول لائن کا دورہ کیا اور جوانوں کے حوصلے کی تعریف کی۔ حکام کے مطابق اجلاس میں اہم فیصلے متوقع ہیں جبکہ اپوزیشن نے بھی اپنا موقف واضح کر دیا ہے۔ ذرائع کا کہنا ہے کہ آئندہ چند روز میں صورتحال مزید واضح ہو جائے گی اور متعلقہ اداروں کو ہدایات جاری کر دی گئی ہیں۔
جنبر 27
ثقافت
کراچی میں آج ملک بھر میں یوم یکجہتی کشمیر منایا جا رہا ہے، اس موقع پر مختلف شہروں میں ریلیاں نکالی جائیں گی اور کشمیری عوام کے ساتھ اظہار یکجہتی کیا جائے گا۔ وزیراعظم نے اپنے پیغام میں کہا کہ پاکستان کشمیریوں کی اخلاقی، سیاسی اور سفارتی حمایت جاری رکھے گا۔ آرمی چیف نے کنٹرول لائن کا دورہ کیا اور جوانوں کے حوصلے کی تعریف کی۔ حکام کے مطابق اجلاس میں اہم فیصلے متوقع ہیں جبکہ اپوزیشن نے بھی اپنا موقف واضح کر دیا ہے۔ ذرائع کا کہنا ہے کہ آئندہ چند روز میں صورتحال مزید واضح ہو جائے گی اور متعلقہ اداروں کو ہدایات جاری کر دی گئی ہیں۔
جنبر 28
سرمایہ کاری
کراچی میں آج ملک بھر میں یوم یکجہتی کشمیر منایا جا رہا ہے، اس موقع پر مختلف شہروں میں ریلیاں نکالی جائیں گی اور کشمیری عوام کے ساتھ اظہار یکجہتی کیا جائے گا۔ وزیراعظم نے اپنے پیغام میں کہا کہ پاکستان کشمیریوں کی اخلاقی، سیاسی اور سفارتی حمایت جاری رکھے گا۔ آرمی چیف نے کنٹرول لائن کا دورہ کیا اور جوانوں کے حوصلے کی تعریف کی۔ حکام کے مطابق اجلاس میں اہم فیصلے متوقع ہیں جبکہ اپوزیشن نے بھی اپنا موقف واضح کر دیا ہے۔ ذرائع کا کہنا ہے کہ آئندہ چند روز میں صورتحال مزید واضح ہو جائے گی اور متعلقہ اداروں کو ہدایات جاری کر دی گئی ہیں۔
جنبر 29
سیاسی رہنما
کراچی میں آج ملک بھر میں یوم یکجہتی کشمیر منایا جا رہا ہے، اس موقع پر مختلف شہروں میں ریلیاں نکالی جائیں گی اور کشمیری عوام کے ساتھ اظہار یکجہتی کیا جائے گا۔ وزیراعظم نے اپنے پیغام میں کہا کہ پاکستان کشمیریوں کی اخلاقی، سیاسی اور سفارتی حمایت جاری رکھے گا۔ آرمی چیف نے کنٹرول لائن کا دورہ کیا اور جوانوں کے حوصلے کی تعریف کی۔ حکام کے مطابق اجلاس میں اہم فیصلے متوقع ہیں جبکہ اپوزیشن نے بھی اپنا موقف واضح کر دیا ہے۔ ذرائع کا کہنا ہے کہ آئندہ چند روز میں صورتحال مزید واضح ہو جائے گی اور متعلقہ اداروں کو ہدایات جاری کر دی گئی ہیں۔
جنبر 30
ملاقات
کراچی میں آج ملک بھر میں یوم یکجہتی کشمیر منایا جا رہا ہے، اس موقع پر مختلف شہروں میں ریلیاں نکالی جائیں گی اور کشمیری عوام کے ساتھ اظہار یکجہتی کیا جائے گا۔ وزیراعظم نے اپنے پیغام میں کہا کہ پاکستان کشمیریوں کی اخلاقی، سیاسی اور سفارتی حمایت جاری رکھے گا۔ آرمی چیف نے کنٹرول لائن کا دورہ کیا اور جوانوں کے حوصلے کی تعریف کی۔ حکام کے مطابق اجلاس میں اہم فیصلے متوقع ہیں جبکہ اپوزیشن نے بھی اپنا موقف واضح کر دیا ہے۔ ذرائع کا کہنا ہے کہ آئندہ چند روز میں صورتحال مزید واضح ہو جائے گی اور متعلقہ اداروں کو ہدایات جاری کر دی گئی ہیں۔
